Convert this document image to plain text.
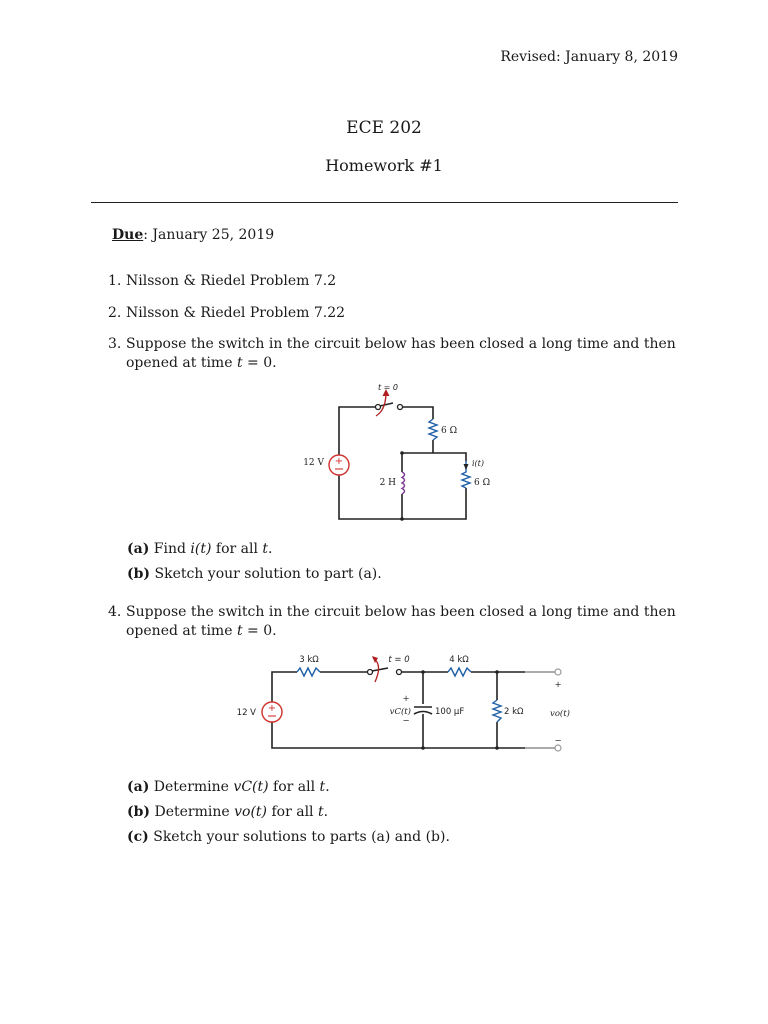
Revised: January 8, 2019
ECE 202
Homework #1
Due: January 25, 2019
1. Nilsson & Riedel Problem 7.2
2. Nilsson & Riedel Problem 7.22
3. Suppose the switch in the circuit below has been closed a long time and then opened at time t = 0.
t = 0
+
12 V
6 Ω
2 H
i(t)
6 Ω
(a) Find i(t) for all t.
(b) Sketch your solution to part (a).
4. Suppose the switch in the circuit below has been closed a long time and then opened at time t = 0.
3 kΩ	t = 0	4 kΩ
+
12 V
+
vC(t)
−
100 μF	2 kΩ
+
vo(t)
−
(a) Determine vC(t) for all t.
(b) Determine vo(t) for all t.
(c) Sketch your solutions to parts (a) and (b).
